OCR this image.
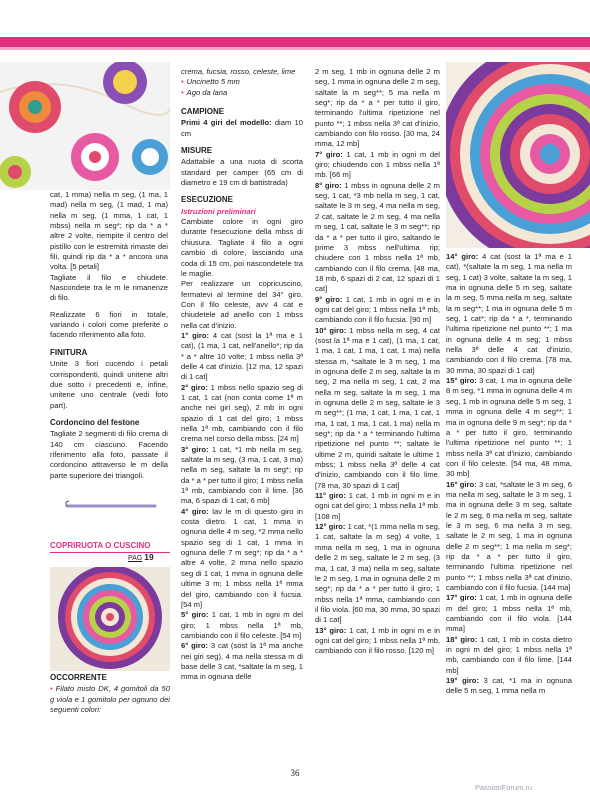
cat, 1 mma) nella m seg, (1 ma, 1 mad) nella m seg, (1 mad, 1 ma) nella m seg, (1 mma, 1 cat, 1 mbss) nella m seg*; rip da * a * altre 2 volte, riempite il centro del pistillo con le estremità rimaste dei fili, quindi rip da * a * ancora una volta. [5 petali]

Tagliate il filo e chiudete. Nascondete tra le m le rimanenze di filo.

Realizzate 6 fiori in totale, variando i colori come preferite o facendo riferimento alla foto.

FINITURA

Unite 3 fiori cucendo i petali corrispondenti, quindi unitene altri due sotto i precedenti e, infine, unitene uno centrale (vedi foto part).

Cordoncino del festone

Tagliate 2 segmenti di filo crema di 140 cm ciascuno. Facendo riferimento alla foto, passate il cordoncino attraverso le m della parte superiore dei triangoli.

COPRIRUOTA O CUSCINO
PAG 19
OCCORRENTE

• Filato misto DK, 4 gomitoli da 50 g viola e 1 gomitolo per ognuno dei seguenti colori:

crema, fucsia, rosso, celeste, lime

• Uncinetto 5 mm

• Ago da lana

CAMPIONE

Primi 4 giri del modello: diam 10 cm

MISURE

Adattabile a una ruota di scorta standard per camper (65 cm di diametro e 19 cm di battistrada)

ESECUZIONE
Istruzioni preliminari

Cambiate colore in ogni giro durante l'esecuzione della mbss di chiusura. Tagliate il filo a ogni cambio di colore, lasciando una coda di 15 cm, poi nascondetele tra le maglie.

Per realizzare un copricuscino, fermatevi al termine del 34° giro. Con il filo celeste, avv 4 cat e chiudetele ad anello con 1 mbss nella cat d'inizio.

1° giro: 4 cat (sost la 1ª ma e 1 cat), (1 ma, 1 cat, nell'anello*; rip da * a * altre 10 volte; 1 mbss nella 3ª delle 4 cat d'inizio. [12 ma, 12 spazi di 1 cat]

2° giro: 1 mbss nello spazio seg di 1 cat, 1 cat (non conta come 1ª m anche nei giri seg), 2 mb in ogni spazio di 1 cat del giro; 1 mbss nella 1ª mb, cambiando con il filo crema nel corso della mbss. [24 m]

3° giro: 1 cat, *1 mb nella m seg, saltate la m seg, (3 ma, 1 cat, 3 ma) nella m seg, saltate la m seg*; rip da * a * per tutto il giro; 1 mbss nella 1ª mb, cambiando con il lime. [36 ma, 6 spazi di 1 cat, 6 mb]

4° giro: lav le m di questo giro in costa dietro. 1 cat, 1 mma in ognuna delle 4 m seg, *2 mma nello spazio seg di 1 cat, 1 mma in ognuna delle 7 m seg*; rip da * a * altre 4 volte, 2 mma nello spazio seg di 1 cat, 1 mma in ognuna delle ultime 3 m; 1 mbss nella 1ª mma del giro, cambiando con il fucsia. [54 m]

5° giro: 1 cat, 1 mb in ogni m del giro; 1 mbss nella 1ª mb, cambiando con il filo celeste. [54 m]

6° giro: 3 cat (sost la 1ª ma anche nei giri seg), 4 ma nella stessa m di base delle 3 cat, *saltate la m seg, 1 mma in ognuna delle

2 m seg, 1 mb in ognuna delle 2 m seg, 1 mma in ognuna delle 2 m seg, saltate la m seg**; 5 ma nella m seg*; rip da * a * per tutto il giro, terminando l'ultima ripetizione nel punto **; 1 mbss nella 3ª cat d'inizio, cambiando con filo rosso. [30 ma, 24 mma, 12 mb]

7° giro: 1 cat, 1 mb in ogni m del giro; chiudendo con 1 mbss nella 1ª mb. [66 m]

8° giro: 1 mbss in ognuna delle 2 m seg, 1 cat, *3 mb nella m seg, 1 cat, saltate le 3 m seg, 4 ma nella m seg, 2 cat, saltate le 2 m seg, 4 ma nella m seg, 1 cat, saltate le 3 m seg**; rip da * a * per tutto il giro, saltando le prime 3 mbss nell'ultima rip; chiudere con 1 mbss nella 1ª mb, cambiando con il filo crema. [48 ma, 18 mb, 6 spazi di 2 cat, 12 spazi di 1 cat]

9° giro: 1 cat, 1 mb in ogni m e in ogni cat del giro; 1 mbss nella 1ª mb, cambiando con il filo fucsia. [90 m]

10° giro: 1 mbss nella m seg, 4 cat (sost la 1ª ma e 1 cat), (1 ma, 1 cat, 1 ma, 1 cat, 1 ma, 1 cat, 1 ma) nella stessa m, *saltate le 3 m seg, 1 ma in ognuna delle 2 m seg, saltate la m seg, 2 ma nella m seg, 1 cat, 2 ma nella m seg, saltate la m seg, 1 ma in ognuna delle 2 m seg, saltate le 3 m seg**; (1 ma, 1 cat, 1 ma, 1 cat, 1 ma, 1 cat, 1 ma, 1 cat, 1 ma) nella m seg*; rip da * a * terminando l'ultima ripetizione nel punto **; saltate le ultime 2 m, quindi saltate le ultime 1 mbss; 1 mbss nella 3ª delle 4 cat d'inizio, cambiando con il filo lime. [78 ma, 30 spazi di 1 cat]

11° giro: 1 cat, 1 mb in ogni m e in ogni cat del giro; 1 mbss nella 1ª mb. [108 m]

12° giro: 1 cat, *(1 mma nella m seg, 1 cat, saltate la m seg) 4 volte, 1 mma nella m seg, 1 ma in ognuna delle 2 m seg, saltate le 2 m seg, (3 ma, 1 cat, 3 ma) nella m seg, saltate le 2 m seg, 1 ma in ognuna delle 2 m seg*; rip da * a * per tutto il giro; 1 mbss nella 1ª mma, cambiando con il filo viola. [60 ma, 30 mma, 30 spazi di 1 cat]

13° giro: 1 cat, 1 mb in ogni m e in ogni cat del giro; 1 mbss nella 1ª mb, cambiando con il filo rosso. [120 m]

14° giro: 4 cat (sost la 1ª ma e 1 cat), *(saltate la m seg, 1 ma nella m seg, 1 cat) 3 volte, saltate la m seg, 1 ma in ognuna delle 5 m seg, saltate la m seg, 5 mma nella m seg, saltate la m seg**; 1 ma in ognuna delle 5 m seg, 1 cat*; rip da * a *, terminando l'ultima ripetizione nel punto **; 1 ma in ognuna delle 4 m seg; 1 mbss nella 3ª delle 4 cat d'inizio, cambiando con il filo crema. [78 ma, 30 mma, 30 spazi di 1 cat]

15° giro: 3 cat, 1 ma in ognuna delle 8 m seg, *1 mma in ognuna delle 4 m seg, 1 mb in ognuna delle 5 m seg, 1 mma in ognuna delle 4 m seg**; 1 ma in ognuna delle 9 m seg*; rip da * a * per tutto il giro, terminando l'ultima ripetizione nel punto **; 1 mbss nella 3ª cat d'inizio, cambiando con il filo celeste. [54 ma, 48 mma, 30 mb]

16° giro: 3 cat, *saltate le 3 m seg, 6 ma nella m seg, saltate le 3 m seg, 1 ma in ognuna delle 3 m seg, saltate le 2 m seg, 6 ma nella m seg, saltate le 3 m seg, 6 ma nella 3 m seg, saltate le 2 m seg, 1 ma in ognuna delle 2 m seg**; 1 ma nella m seg*; rip da * a * per tutto il giro, terminando l'ultima ripetizione nel punto **; 1 mbss nella 3ª cat d'inizio, cambiando con il filo fucsia. [144 ma]

17° giro: 1 cat, 1 mb in ognuna delle m del giro; 1 mbss nella 1ª mb, cambiando con il filo viola. [144 mma]

18° giro: 1 cat, 1 mb in costa dietro in ogni m del giro; 1 mbss nella 1ª mb, cambiando con il filo lime. [144 mb]

19° giro: 3 cat, *1 ma in ognuna delle 5 m seg, 1 mma nella m

36
PassionForum.ru
